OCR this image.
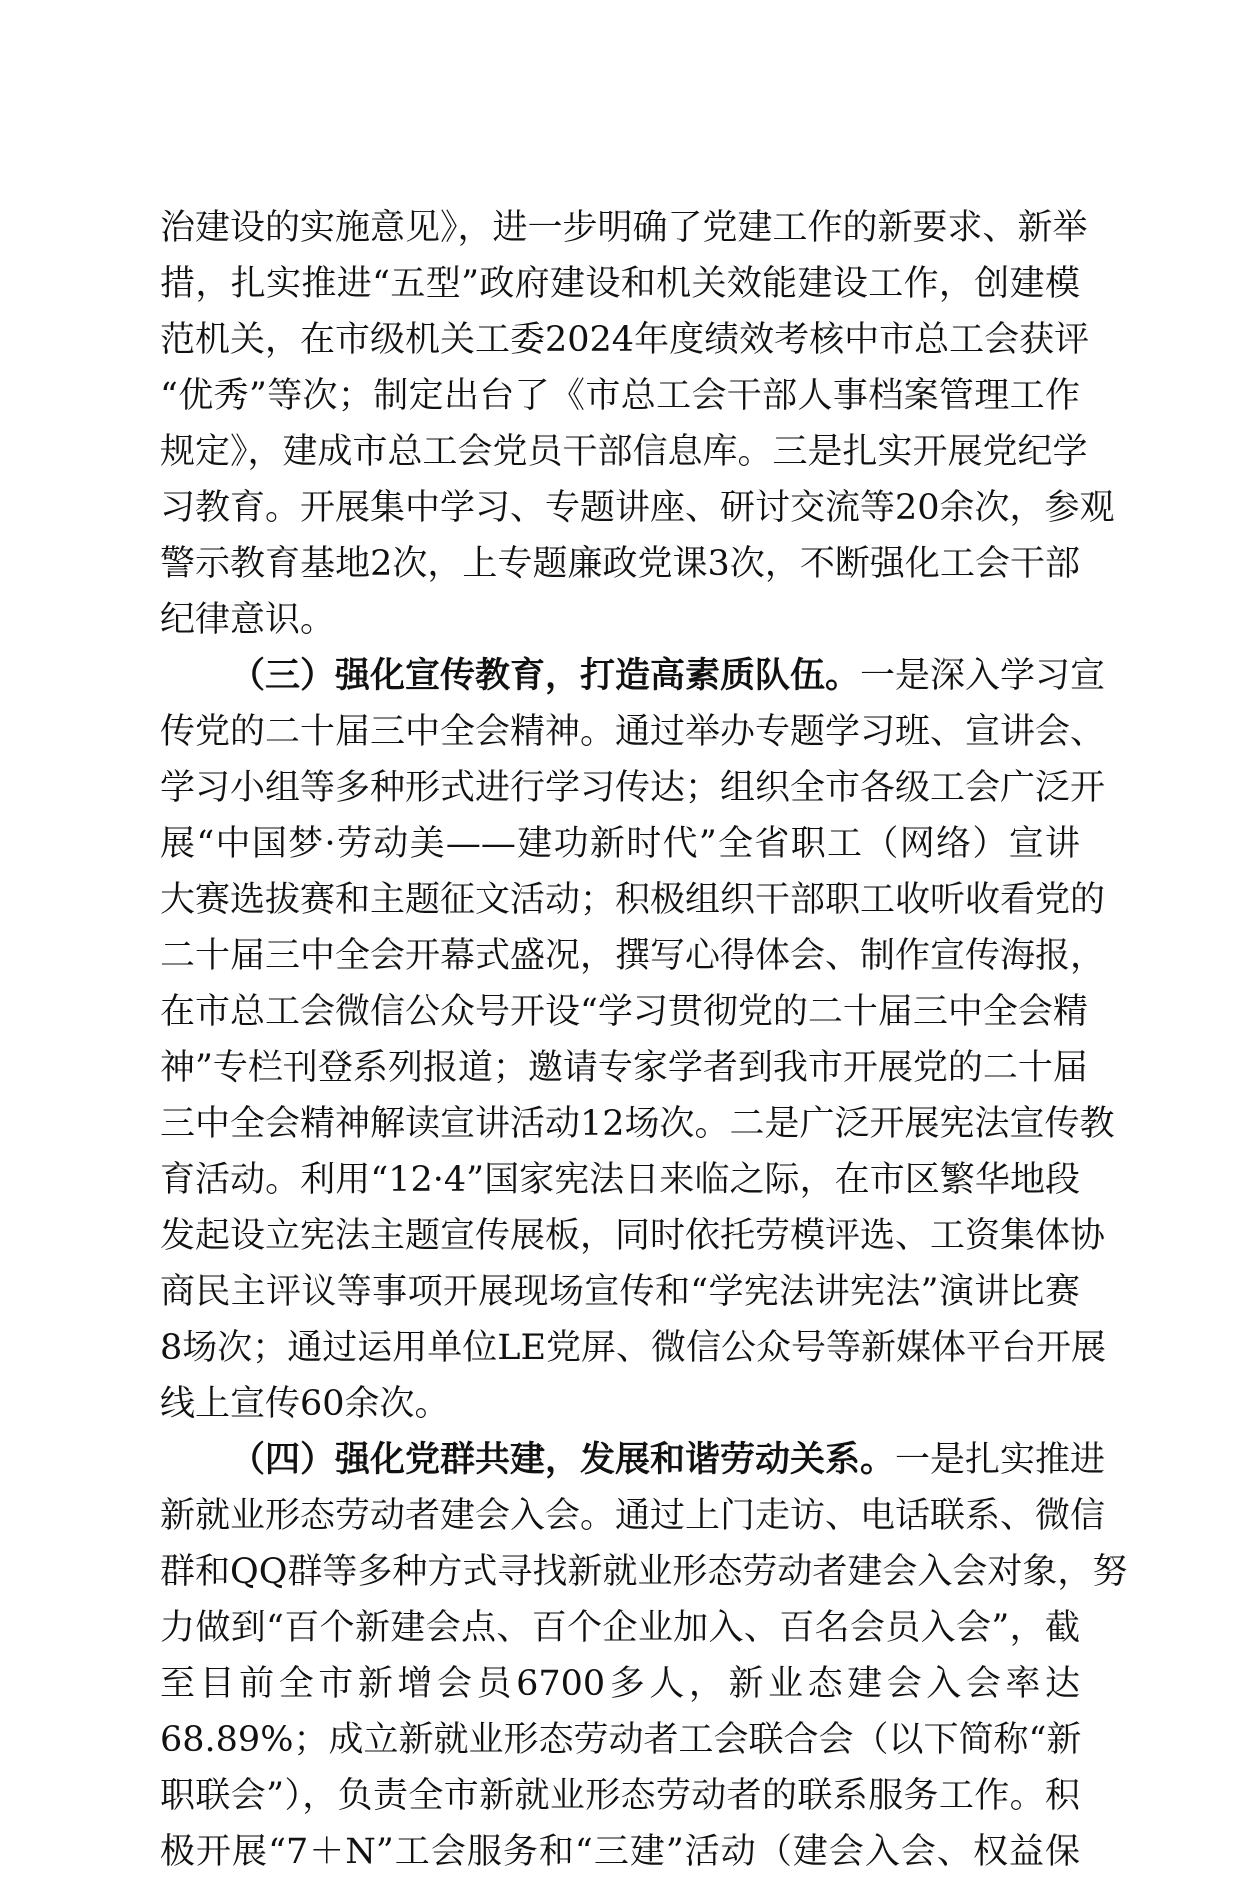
治建设的实施意见》，进一步明确了党建工作的新要求、新举
措，扎实推进“五型”政府建设和机关效能建设工作，创建模
范机关，在市级机关工委2024年度绩效考核中市总工会获评
“优秀”等次；制定出台了《市总工会干部人事档案管理工作
规定》，建成市总工会党员干部信息库。三是扎实开展党纪学
习教育。开展集中学习、专题讲座、研讨交流等20余次，参观
警示教育基地2次，上专题廉政党课3次，不断强化工会干部
纪律意识。
（三）强化宣传教育，打造高素质队伍。一是深入学习宣
传党的二十届三中全会精神。通过举办专题学习班、宣讲会、
学习小组等多种形式进行学习传达；组织全市各级工会广泛开
展“中国梦·劳动美——建功新时代”全省职工（网络）宣讲
大赛选拔赛和主题征文活动；积极组织干部职工收听收看党的
二十届三中全会开幕式盛况，撰写心得体会、制作宣传海报，
在市总工会微信公众号开设“学习贯彻党的二十届三中全会精
神”专栏刊登系列报道；邀请专家学者到我市开展党的二十届
三中全会精神解读宣讲活动12场次。二是广泛开展宪法宣传教
育活动。利用“12·4”国家宪法日来临之际，在市区繁华地段
发起设立宪法主题宣传展板，同时依托劳模评选、工资集体协
商民主评议等事项开展现场宣传和“学宪法讲宪法”演讲比赛
8场次；通过运用单位LE党屏、微信公众号等新媒体平台开展
线上宣传60余次。
（四）强化党群共建，发展和谐劳动关系。一是扎实推进
新就业形态劳动者建会入会。通过上门走访、电话联系、微信
群和QQ群等多种方式寻找新就业形态劳动者建会入会对象，努
力做到“百个新建会点、百个企业加入、百名会员入会”，截
至目前全市新增会员6700多人，新业态建会入会率达
68.89%；成立新就业形态劳动者工会联合会（以下简称“新
职联会”），负责全市新就业形态劳动者的联系服务工作。积
极开展“7＋N”工会服务和“三建”活动（建会入会、权益保
